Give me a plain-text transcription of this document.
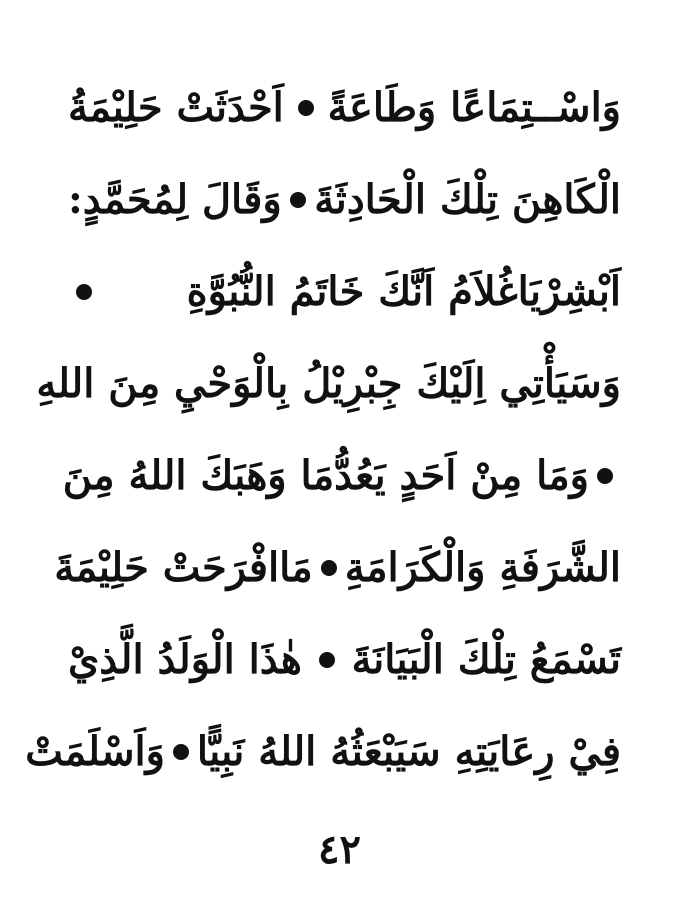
وَاسْــتِمَاعًا وَطَاعَةً
اَحْدَثَتْ حَلِيْمَةُ
الْكَاهِنَ تِلْكَ الْحَادِثَةَ
وَقَالَ لِمُحَمَّدٍ:
اَبْشِرْيَاغُلاَمُ اَنَّكَ خَاتَمُ النُّبُوَّةِ
وَسَيَأْتِي اِلَيْكَ جِبْرِيْلُ بِالْوَحْيِ مِنَ اللهِ
وَمَا مِنْ اَحَدٍ يَعُدُّمَا وَهَبَكَ اللهُ مِنَ
الشَّرَفَةِ وَالْكَرَامَةِ
مَاافْرَحَتْ حَلِيْمَةَ
تَسْمَعُ تِلْكَ الْبَيَانَةَ
هٰذَا الْوَلَدُ الَّذِيْ
فِيْ رِعَايَتِهِ سَيَبْعَثُهُ اللهُ نَبِيًّا
وَاَسْلَمَتْ
٤٢
